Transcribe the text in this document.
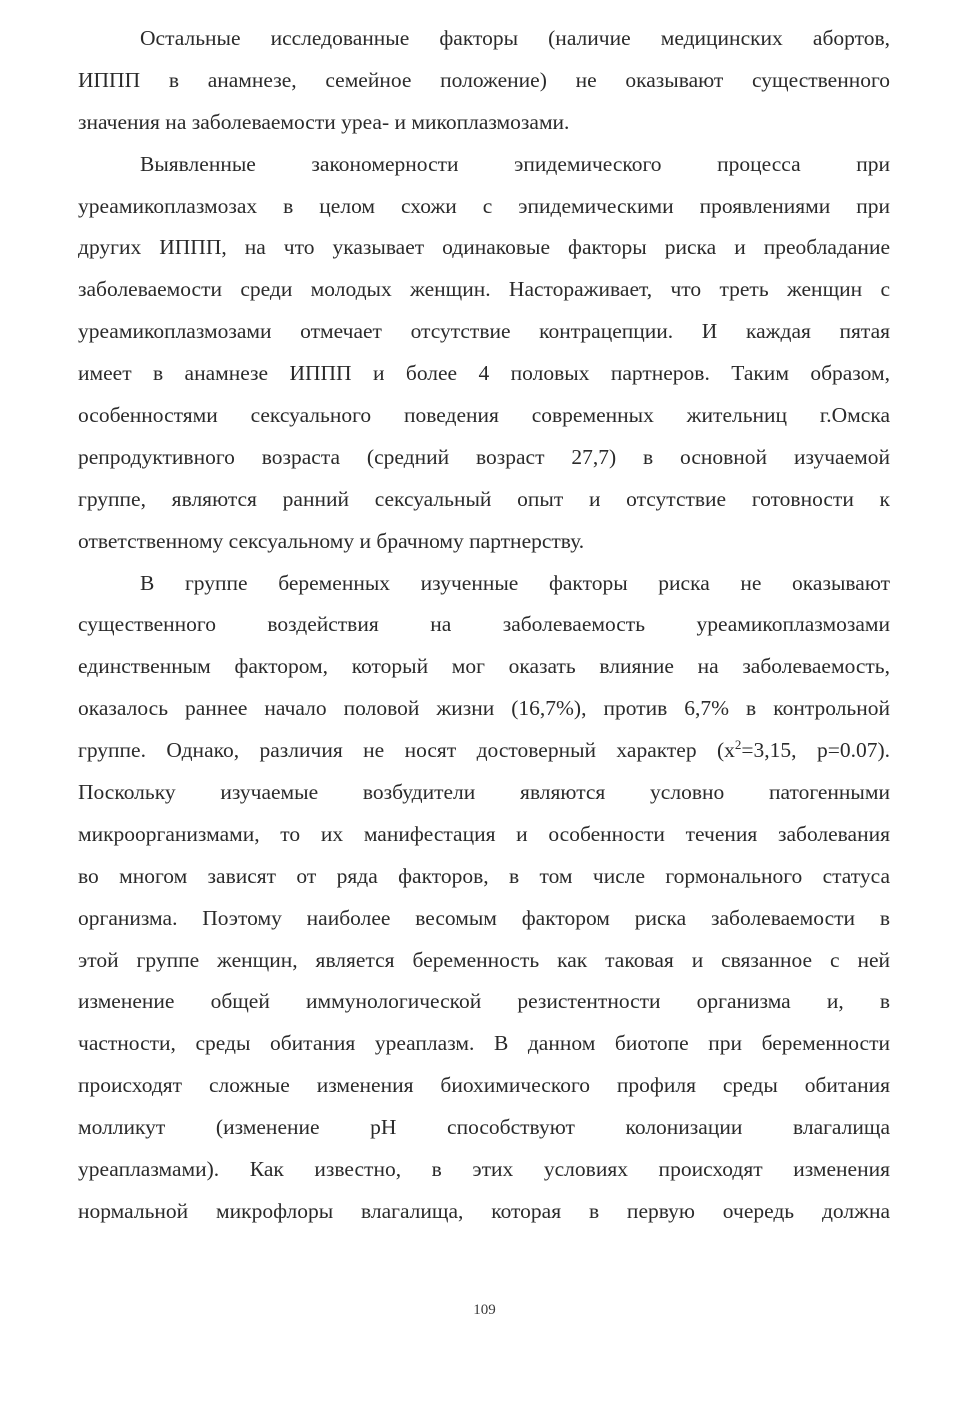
Остальные исследованные факторы (наличие медицинских абортов,
ИППП в анамнезе, семейное положение) не оказывают существенного
значения на заболеваемости уреа- и микоплазмозами.
Выявленные закономерности эпидемического процесса при
уреамикоплазмозах в целом схожи с эпидемическими проявлениями при
других ИППП, на что указывает одинаковые факторы риска и преобладание
заболеваемости среди молодых женщин. Настораживает, что треть женщин с
уреамикоплазмозами отмечает отсутствие контрацепции. И каждая пятая
имеет в анамнезе ИППП и более 4 половых партнеров. Таким образом,
особенностями сексуального поведения современных жительниц г.Омска
репродуктивного возраста (средний возраст 27,7) в основной изучаемой
группе, являются ранний сексуальный опыт и отсутствие готовности к
ответственному сексуальному и брачному партнерству.
В группе беременных изученные факторы риска не оказывают
существенного воздействия на заболеваемость уреамикоплазмозами
единственным фактором, который мог оказать влияние на заболеваемость,
оказалось раннее начало половой жизни (16,7%), против 6,7% в контрольной
группе. Однако, различия не носят достоверный характер ($x^2=3,15$, p=0.07).
Поскольку изучаемые возбудители являются условно патогенными
микроорганизмами, то их манифестация и особенности течения заболевания
во многом зависят от ряда факторов, в том числе гормонального статуса
организма. Поэтому наиболее весомым фактором риска заболеваемости в
этой группе женщин, является беременность как таковая и связанное с ней
изменение общей иммунологической резистентности организма и, в
частности, среды обитания уреаплазм. В данном биотопе при беременности
происходят сложные изменения биохимического профиля среды обитания
молликут (изменение pH способствуют колонизации влагалища
уреаплазмами). Как известно, в этих условиях происходят изменения
нормальной микрофлоры влагалища, которая в первую очередь должна
109
